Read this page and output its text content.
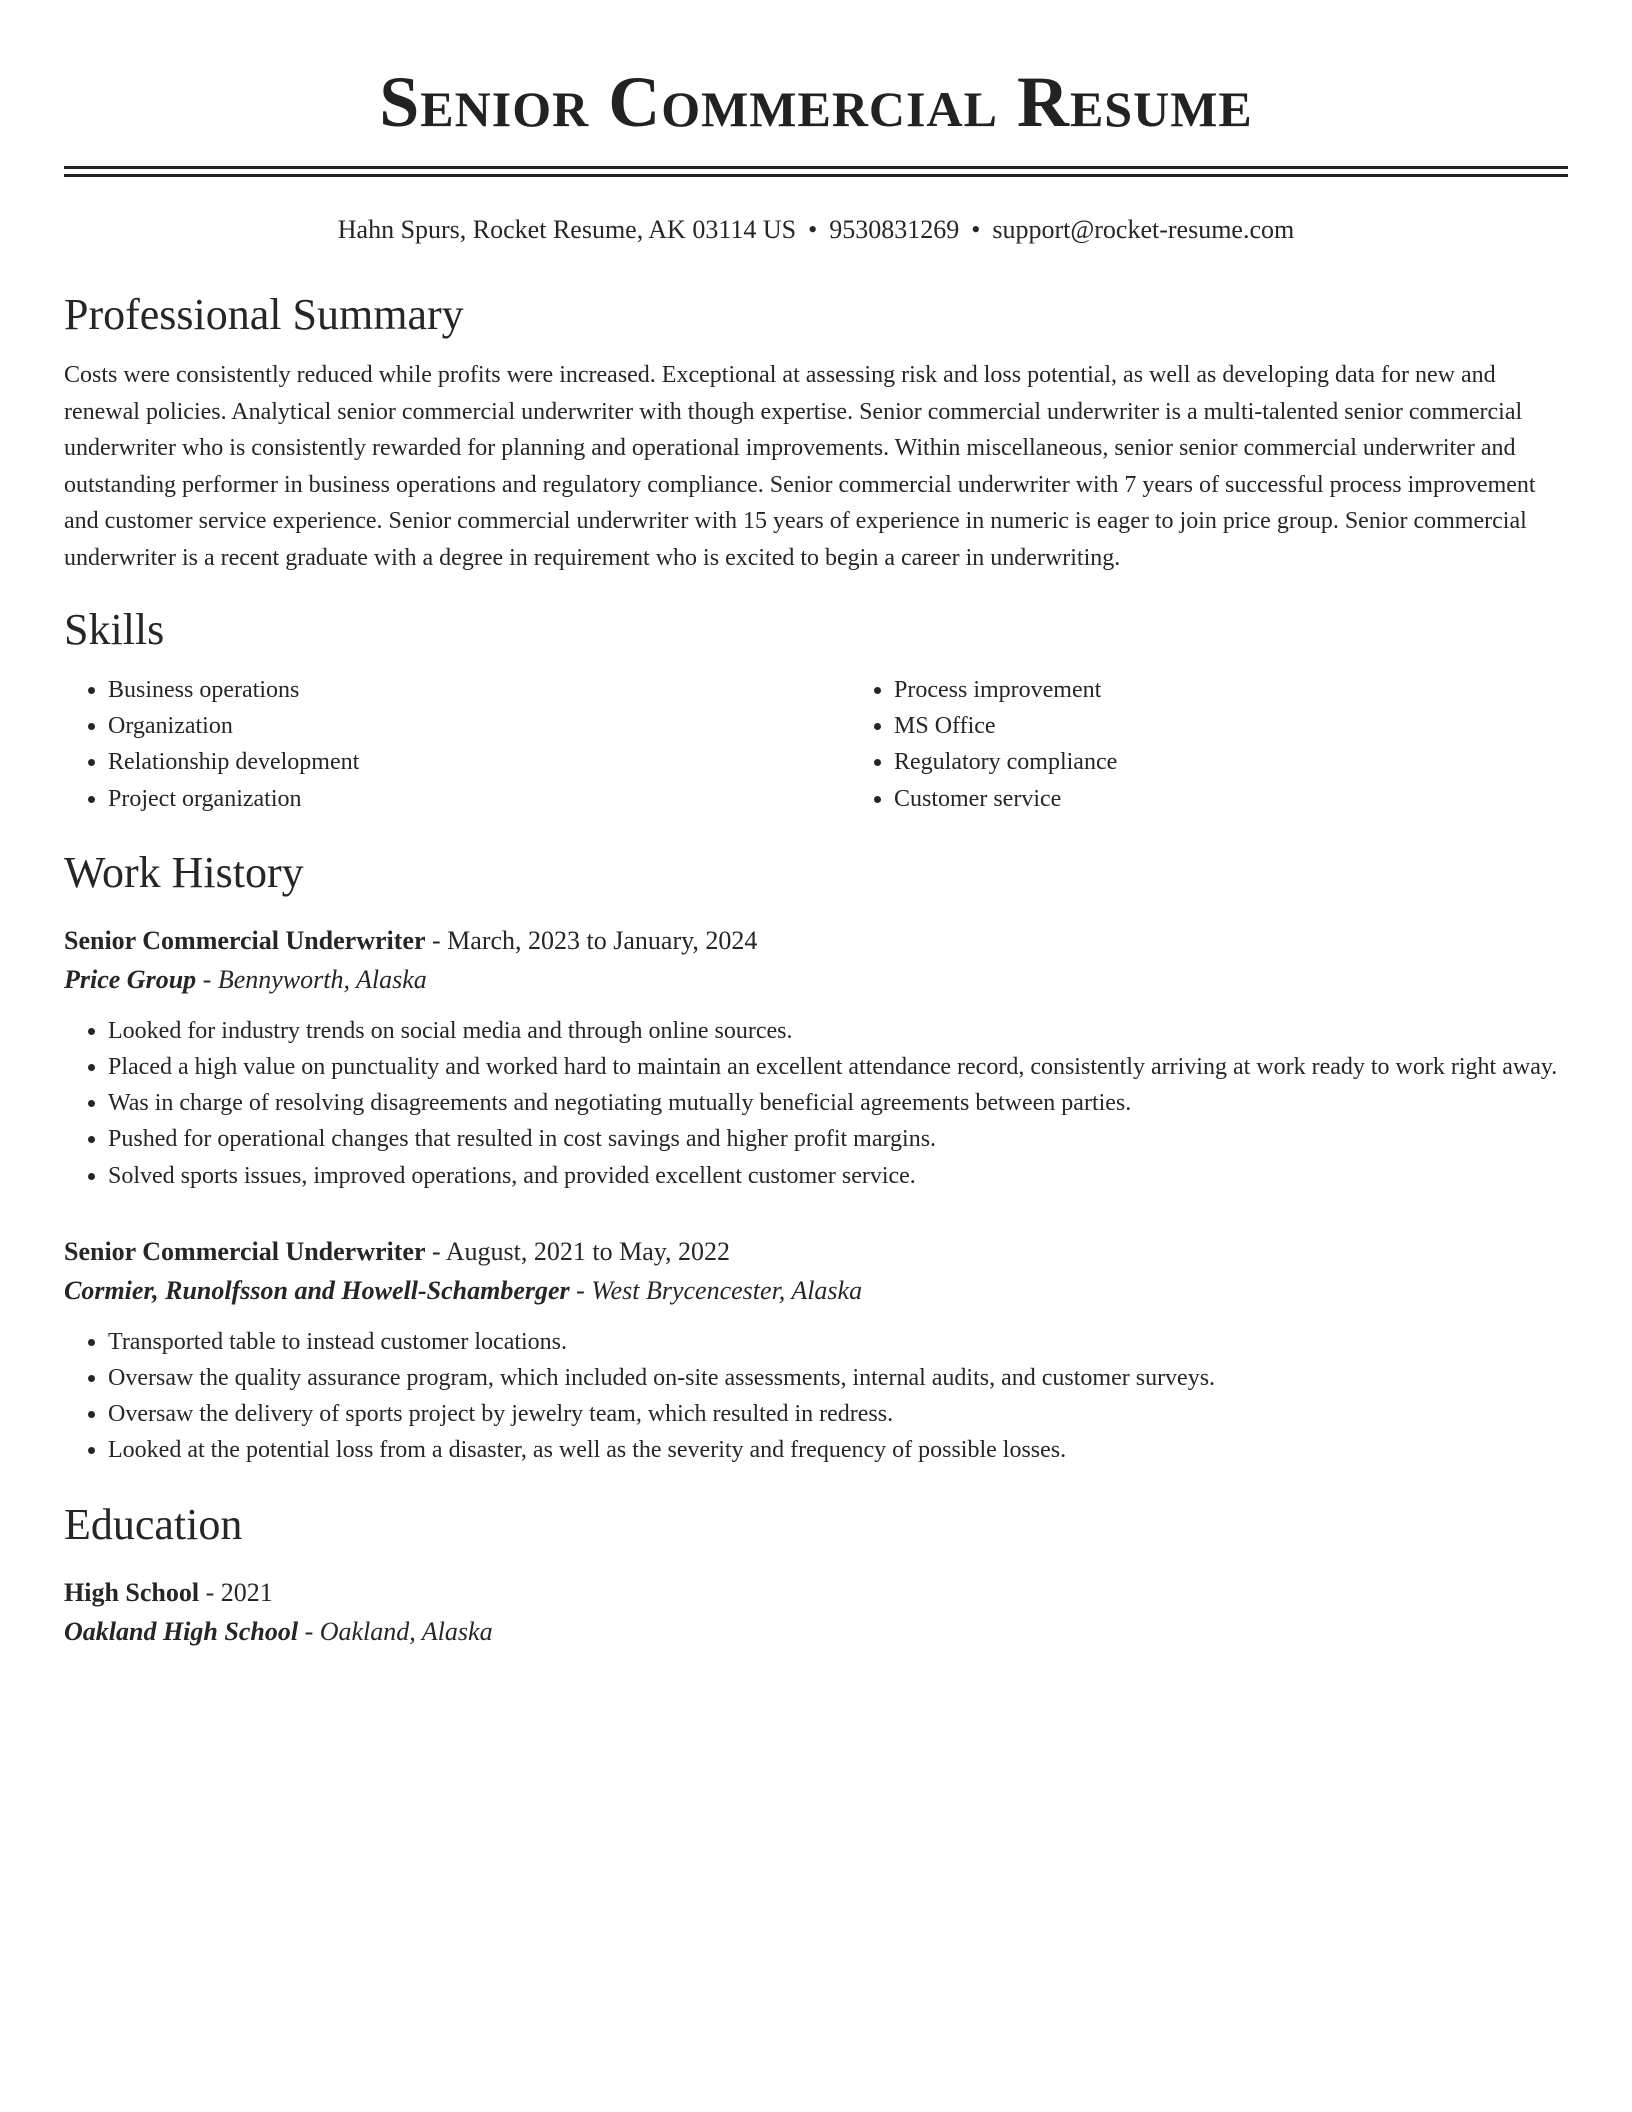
Senior Commercial Resume
Hahn Spurs, Rocket Resume, AK 03114 US • 9530831269 • support@rocket-resume.com
Professional Summary

Costs were consistently reduced while profits were increased. Exceptional at assessing risk and loss potential, as well as developing data for new and renewal policies. Analytical senior commercial underwriter with though expertise. Senior commercial underwriter is a multi-talented senior commercial underwriter who is consistently rewarded for planning and operational improvements. Within miscellaneous, senior senior commercial underwriter and outstanding performer in business operations and regulatory compliance. Senior commercial underwriter with 7 years of successful process improvement and customer service experience. Senior commercial underwriter with 15 years of experience in numeric is eager to join price group. Senior commercial underwriter is a recent graduate with a degree in requirement who is excited to begin a career in underwriting.

Skills
• Business operations
• Organization
• Relationship development
• Project organization
• Process improvement
• MS Office
• Regulatory compliance
• Customer service
Work History
Senior Commercial Underwriter - March, 2023 to January, 2024
Price Group - Bennyworth, Alaska
• Looked for industry trends on social media and through online sources.
• Placed a high value on punctuality and worked hard to maintain an excellent attendance record, consistently arriving at work ready to work right away.
• Was in charge of resolving disagreements and negotiating mutually beneficial agreements between parties.
• Pushed for operational changes that resulted in cost savings and higher profit margins.
• Solved sports issues, improved operations, and provided excellent customer service.
Senior Commercial Underwriter - August, 2021 to May, 2022
Cormier, Runolfsson and Howell-Schamberger - West Brycencester, Alaska
• Transported table to instead customer locations.
• Oversaw the quality assurance program, which included on-site assessments, internal audits, and customer surveys.
• Oversaw the delivery of sports project by jewelry team, which resulted in redress.
• Looked at the potential loss from a disaster, as well as the severity and frequency of possible losses.
Education
High School - 2021
Oakland High School - Oakland, Alaska
